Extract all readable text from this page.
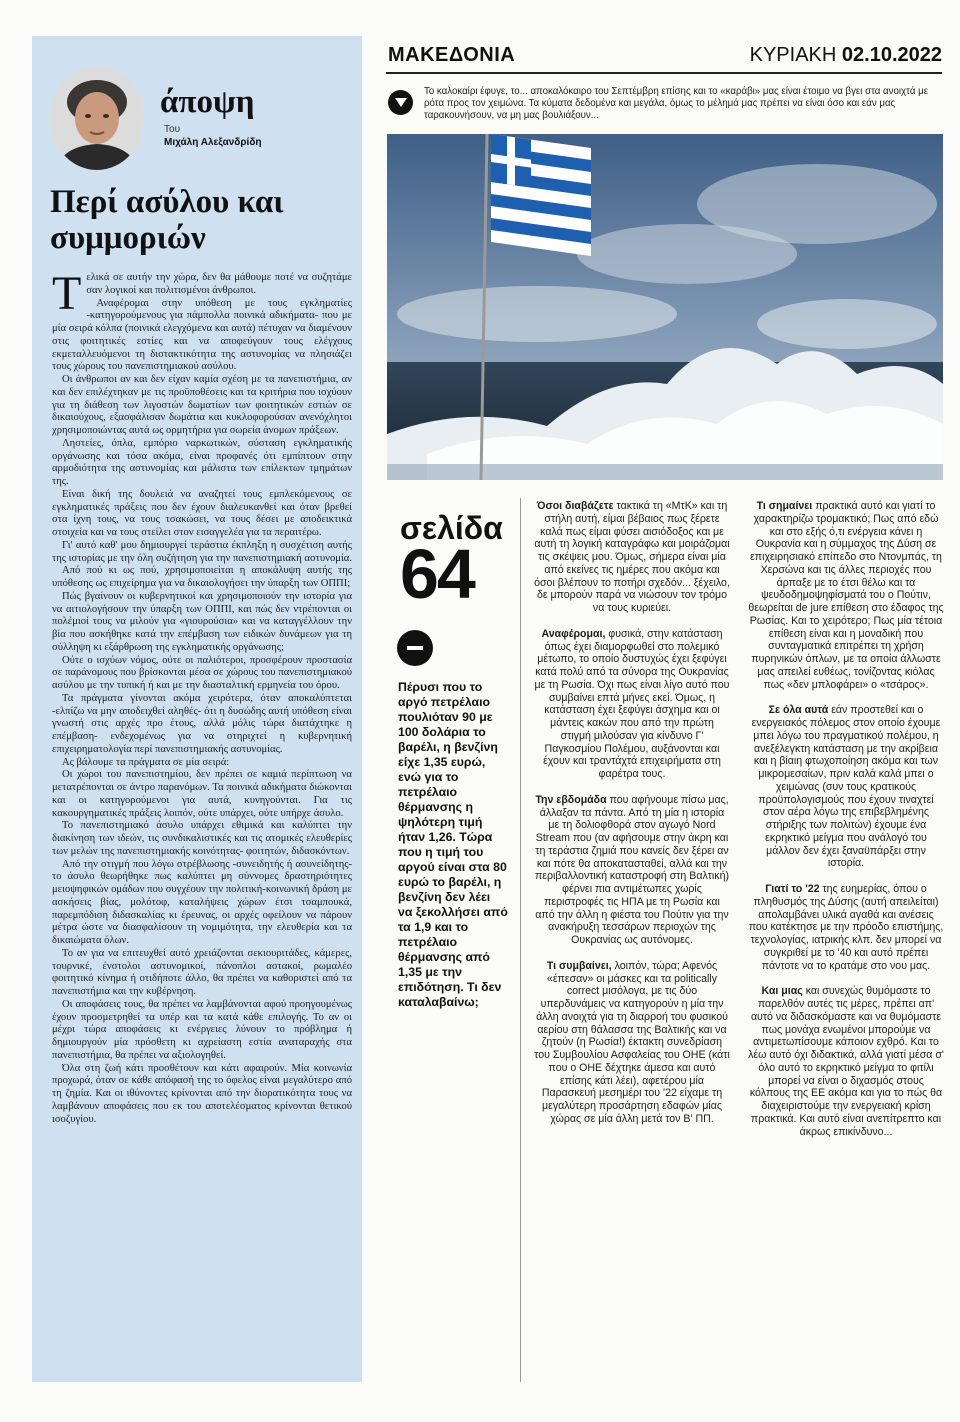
άποψη
Του
Μιχάλη Αλεξανδρίδη
Περί ασύλου και συμμοριών

Τελικά σε αυτήν την χώρα, δεν θα μάθουμε ποτέ να συζητάμε σαν λογικοί και πολιτισμένοι άνθρωποι.

Αναφέρομαι στην υπόθεση με τους εγκληματίες -κατηγορούμενους για πάμπολλα ποινικά αδικήματα- που με μία σειρά κόλπα (ποινικά ελεγχόμενα και αυτά) πέτυχαν να διαμένουν στις φοιτητικές εστίες και να αποφεύγουν τους ελέγχους εκμεταλλευόμενοι τη διστακτικότητα της αστυνομίας να πλησιάζει τους χώρους του πανεπιστημιακού ασύλου.

Οι άνθρωποι αν και δεν είχαν καμία σχέση με τα πανεπιστήμια, αν και δεν επιλέχτηκαν με τις προϋποθέσεις και τα κριτήρια που ισχύουν για τη διάθεση των λιγοστών δωματίων των φοιτητικών εστιών σε δικαιούχους, εξασφάλισαν δωμάτια και κυκλοφορούσαν ανενόχλητοι χρησιμοποιώντας αυτά ως ορμητήρια για σωρεία άνομων πράξεων.

Ληστείες, όπλα, εμπόριο ναρκωτικών, σύσταση εγκληματικής οργάνωσης και τόσα ακόμα, είναι προφανές ότι εμπίπτουν στην αρμοδιότητα της αστυνομίας και μάλιστα των επίλεκτων τμημάτων της.

Είναι δική της δουλειά να αναζητεί τους εμπλεκόμενους σε εγκληματικές πράξεις που δεν έχουν διαλευκανθεί και όταν βρεθεί στα ίχνη τους, να τους τσακώσει, να τους δέσει με αποδεικτικά στοιχεία και να τους στείλει στον εισαγγελέα για τα περαιτέρω.

Γι' αυτό καθ' μου δημιουργεί τεράστια έκπληξη η συσχέτιση αυτής της ιστορίας με την όλη συζήτηση για την πανεπιστημιακή αστυνομία.

Από πού κι ως πού, χρησιμοποιείται η αποκάλυψη αυτής της υπόθεσης ως επιχείρημα για να δικαιολογήσει την ύπαρξη των ΟΠΠΙ;

Πώς βγαίνουν οι κυβερνητικοί και χρησιμοποιούν την ιστορία για να αιτιολογήσουν την ύπαρξη των ΟΠΠΙ, και πώς δεν ντρέπονται οι πολέμιοί τους να μιλούν για «γιουρούσια» και να καταγγέλλουν την βία που ασκήθηκε κατά την επέμβαση των ειδικών δυνάμεων για τη σύλληψη κι εξάρθρωση της εγκληματικής οργάνωσης;

Ούτε ο ισχύων νόμος, ούτε οι παλιότεροι, προσφέρουν προστασία σε παράνομους που βρίσκονται μέσα σε χώρους του πανεπιστημιακού ασύλου με την τυπική ή και με την διασταλτική ερμηνεία του όρου.

Τα πράγματα γίνονται ακόμα χειρότερα, όταν αποκαλύπτεται -ελπίζω να μην αποδειχθεί αληθές- ότι η δυσώδης αυτή υπόθεση είναι γνωστή στις αρχές προ έτους, αλλά μόλις τώρα διατάχτηκε η επέμβαση- ενδεχομένως για να στηριχτεί η κυβερνητική επιχειρηματολογία περί πανεπιστημιακής αστυνομίας.

Ας βάλουμε τα πράγματα σε μία σειρά:

Οι χώροι του πανεπιστημίου, δεν πρέπει σε καμιά περίπτωση να μετατρέπονται σε άντρο παρανόμων. Τα ποινικά αδικήματα διώκονται και οι κατηγορούμενοι για αυτά, κυνηγούνται. Για τις κακουργηματικές πράξεις λοιπόν, ούτε υπάρχει, ούτε υπήρχε άσυλο.

Το πανεπιστημιακό άσυλο υπάρχει εθιμικά και καλύπτει την διακίνηση των ιδεών, τις συνδικαλιστικές και τις ατομικές ελευθερίες των μελών της πανεπιστημιακής κοινότητας- φοιτητών, διδασκόντων.

Από την στιγμή που λόγω στρέβλωσης -συνειδητής ή ασυνείδητης- το άσυλο θεωρήθηκε πως καλύπτει μη σύννομες δραστηριότητες μειοψηφικών ομάδων που συγχέουν την πολιτική-κοινωνική δράση με ασκήσεις βίας, μολότοφ, καταλήψεις χώρων έτσι τσαμπουκά, παρεμπόδιση διδασκαλίας κι έρευνας, οι αρχές οφείλουν να πάρουν μέτρα ώστε να διασφαλίσουν τη νομιμότητα, την ελευθερία και τα δικαιώματα όλων.

Το αν για να επιτευχθεί αυτό χρειάζονται σεκιουριτάδες, κάμερες, τουρνικέ, ένστολοι αστυνομικοί, πάνοπλοι αστακοί, ρωμαλέο φοιτητικό κίνημα ή οτιδήποτε άλλο, θα πρέπει να καθοριστεί από τα πανεπιστήμια και την κυβέρνηση.

Οι αποφάσεις τους, θα πρέπει να λαμβάνονται αφού προηγουμένως έχουν προσμετρηθεί τα υπέρ και τα κατά κάθε επιλογής. Το αν οι μέχρι τώρα αποφάσεις κι ενέργειες λύνουν το πρόβλημα ή δημιουργούν μία πρόσθετη κι αχρείαστη εστία αναταραχής στα πανεπιστήμια, θα πρέπει να αξιολογηθεί.

Όλα στη ζωή κάτι προσθέτουν και κάτι αφαιρούν. Μία κοινωνία προχωρά, όταν σε κάθε απόφασή της το όφελος είναι μεγαλύτερο από τη ζημία. Και οι ιθύνοντες κρίνονται από την διορατικότητα τους να λαμβάνουν αποφάσεις που εκ του αποτελέσματος κρίνονται θετικού ισοζυγίου.

ΜΑΚΕΔΟΝΙΑ	ΚΥΡΙΑΚΗ 02.10.2022
Το καλοκαίρι έφυγε, το... αποκαλόκαιρο του Σεπτέμβρη επίσης και το «καράβι» μας είναι έτοιμο να βγει στα ανοιχτά με ρότα προς τον χειμώνα. Τα κύματα δεδομένα και μεγάλα, όμως το μέλημά μας πρέπει να είναι όσο και εάν μας ταρακουνήσουν, να μη μας βουλιάξουν...
σελίδα
64
Πέρυσι που το αργό πετρέλαιο πουλιόταν 90 με 100 δολάρια το βαρέλι, η βενζίνη είχε 1,35 ευρώ, ενώ για το πετρέλαιο θέρμανσης η ψηλότερη τιμή ήταν 1,26. Τώρα που η τιμή του αργού είναι στα 80 ευρώ το βαρέλι, η βενζίνη δεν λέει να ξεκολλήσει από τα 1,9 και το πετρέλαιο θέρμανσης από 1,35 με την επιδότηση. Τι δεν καταλαβαίνω;

Όσοι διαβάζετε τακτικά τη «ΜτΚ» και τη στήλη αυτή, είμαι βέβαιος πως ξέρετε καλά πως είμαι φύσει αισιόδοξος και με αυτή τη λογική καταγράφω και μοιράζομαι τις σκέψεις μου. Όμως, σήμερα είναι μία από εκείνες τις ημέρες που ακόμα και όσοι βλέπουν το ποτήρι σχεδόν... ξέχειλο, δε μπορούν παρά να νιώσουν τον τρόμο να τους κυριεύει.

Αναφέρομαι, φυσικά, στην κατάσταση όπως έχει διαμορφωθεί στο πολεμικό μέτωπο, το οποίο δυστυχώς έχει ξεφύγει κατά πολύ από τα σύνορα της Ουκρανίας με τη Ρωσία. Όχι πως είναι λίγο αυτό που συμβαίνει επτά μήνες εκεί. Όμως, η κατάσταση έχει ξεφύγει άσχημα και οι μάντεις κακών που από την πρώτη στιγμή μιλούσαν για κίνδυνο Γ' Παγκοσμίου Πολέμου, αυξάνονται και έχουν και τραντάχτά επιχειρήματα στη φαρέτρα τους.

Την εβδομάδα που αφήνουμε πίσω μας, άλλαξαν τα πάντα. Από τη μία η ιστορία με τη δολιοφθορά στον αγωγό Nord Stream που (αν αφήσουμε στην άκρη και τη τεράστια ζημιά που κανείς δεν ξέρει αν και πότε θα αποκατασταθεί, αλλά και την περιβαλλοντική καταστροφή στη Βαλτική) φέρνει πια αντιμέτωπες χωρίς περιστροφές τις ΗΠΑ με τη Ρωσία και από την άλλη η φιέστα του Πούτιν για την ανακήρυξη τεσσάρων περιοχών της Ουκρανίας ως αυτόνομες.

Τι συμβαίνει, λοιπόν, τώρα; Αφενός «έπεσαν» οι μάσκες και τα politically correct μισόλογα, με τις δύο υπερδυνάμεις να κατηγορούν η μία την άλλη ανοιχτά για τη διαρροή του φυσικού αερίου στη θάλασσα της Βαλτικής και να ζητούν (η Ρωσία!) έκτακτη συνεδρίαση του Συμβουλίου Ασφαλείας του ΟΗΕ (κάτι που ο ΟΗΕ δέχτηκε άμεσα και αυτό επίσης κάτι λέει), αφετέρου μία Παρασκευή μεσημέρι του '22 είχαμε τη μεγαλύτερη προσάρτηση εδαφών μίας χώρας σε μία άλλη μετά τον Β' ΠΠ.

Τι σημαίνει πρακτικά αυτό και γιατί το χαρακτηρίζω τρομακτικό; Πως από εδώ και στο εξής ό,τι ενέργεια κάνει η Ουκρανία και η σύμμαχος της Δύση σε επιχειρησιακό επίπεδο στο Ντονμπάς, τη Χερσώνα και τις άλλες περιοχές που άρπαξε με το έτσι θέλω και τα ψευδοδημοψηφίσματά του ο Πούτιν, θεωρείται de jure επίθεση στο έδαφος της Ρωσίας. Και το χειρότερο; Πως μία τέτοια επίθεση είναι και η μοναδική που συνταγματικά επιτρέπει τη χρήση πυρηνικών όπλων, με τα οποία άλλωστε μας απειλεί ευθέως, τονίζοντας κιόλας πως «δεν μπλοφάρει» ο «τσάρος».

Σε όλα αυτά εάν προστεθεί και ο ενεργειακός πόλεμος στον οποίο έχουμε μπει λόγω του πραγματικού πολέμου, η ανεξέλεγκτη κατάσταση με την ακρίβεια και η βίαιη φτωχοποίηση ακόμα και των μικρομεσαίων, πριν καλά καλά μπει ο χειμώνας (συν τους κρατικούς προϋπολογισμούς που έχουν τιναχτεί στον αέρα λόγω της επιβεβλημένης στήριξης των πολιτών) έχουμε ένα εκρηκτικό μείγμα που ανάλογό του μάλλον δεν έχει ξαναϋπάρξει στην ιστορία.

Γιατί το '22 της ευημερίας, όπου ο πληθυσμός της Δύσης (αυτή απειλείται) απολαμβάνει υλικά αγαθά και ανέσεις που κατέκτησε με την πρόοδο επιστήμης, τεχνολογίας, ιατρικής κλπ. δεν μπορεί να συγκριθεί με το '40 και αυτό πρέπει πάντοτε να το κρατάμε στο νου μας.

Και μιας και συνεχώς θυμόμαστε το παρελθόν αυτές τις μέρες, πρέπει απ' αυτό να διδασκόμαστε και να θυμόμαστε πως μονάχα ενωμένοι μπορούμε να αντιμετωπίσουμε κάποιον εχθρό. Και το λέω αυτό όχι διδακτικά, αλλά γιατί μέσα σ' όλο αυτό το εκρηκτικό μείγμα το φιτίλι μπορεί να είναι ο διχασμός στους κόλπους της ΕΕ ακόμα και για το πώς θα διαχειριστούμε την ενεργειακή κρίση πρακτικά. Και αυτό είναι ανεπίτρεπτο και άκρως επικίνδυνο...
